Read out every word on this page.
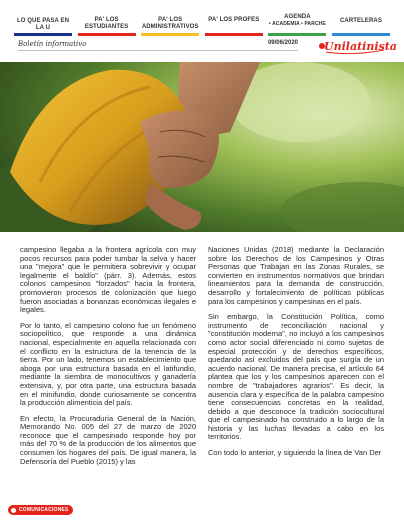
LO QUE PASA EN LA U
PA' LOS ESTUDIANTES
PA' LOS ADMINISTRATIVOS
PA' LOS PROFES	AGENDA
• ACADEMIA • PARCHE	CARTELERAS
Boletín informativo	09/06/2020 Unilatinista

campesino llegaba a la frontera agrícola con muy pocos recursos para poder tumbar la selva y hacer una "mejora" que le permitiera sobrevivir y ocupar legalmente el baldío" (párr. 3). Además, estos colonos campesinos "forzados" hacia la frontera, promovieron procesos de colonización que luego fueron asociadas a bonanzas económicas ilegales e legales.

Por lo tanto, el campesino colono fue un fenómeno sociopolítico, que responde a una dinámica nacional, especialmente en aquella relacionada con el conflicto en la estructura de la tenencia de la tierra. Por un lado, tenemos un establecimiento que aboga por una estructura basada en el latifundio, mediante la siembra de monocultivos y ganadería extensiva, y, por otra parte, una estructura basada en el minifundio, donde curiosamente se concentra la producción alimenticia del país.

En efecto, la Procuraduría General de la Nación, Memorando No. 005 del 27 de marzo de 2020 reconoce que el campesinado responde hoy por más del 70 % de la producción de los alimentos que consumen los hogares del país. De igual manera, la Defensoría del Pueblo (2015) y las

Naciones Unidas (2018) mediante la Declaración sobre los Derechos de los Campesinos y Otras Personas que Trabajan en las Zonas Rurales, se convierten en instrumentos normativos que brindan lineamientos para la demanda de construcción, desarrollo y fortalecimiento de políticas públicas para los campesinos y campesinas en el país.

Sin embargo, la Constitución Política, como instrumento de reconciliación nacional y "constitución moderna", no incluyó a los campesinos como actor social diferenciado ni como sujetos de especial protección y de derechos específicos, quedando así excluidos del país que surgía de un acuerdo nacional. De manera precisa, el artículo 64 plantea que los y los campesinos aparecen con el nombre de "trabajadores agrarios". Es decir, la ausencia clara y específica de la palabra campesino tiene consecuencias concretas en la realidad, debido a que desconoce la tradición sociocultural que el campesinado ha construido a lo largo de la historia y las luchas llevadas a cabo en los territorios.

Con todo lo anterior, y siguiendo la línea de Van Der

COMUNICACIONES
